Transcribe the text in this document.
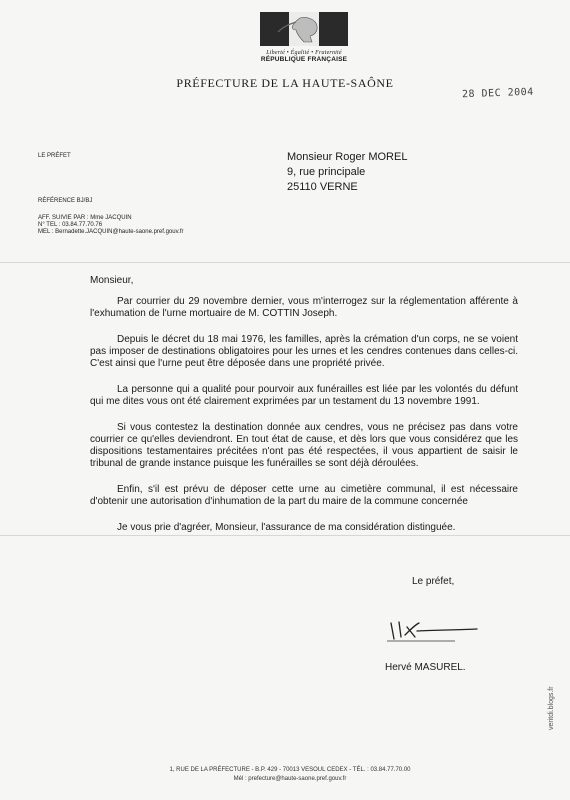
Liberté • Égalité • Fraternité
RÉPUBLIQUE FRANÇAISE
PRÉFECTURE DE LA HAUTE-SAÔNE
28 DEC 2004
LE PRÉFET
RÉFÉRENCE BJ/BJ
AFF. SUIVIE PAR : Mme JACQUIN
N° TEL : 03.84.77.70.76
MEL : Bernadette.JACQUIN@haute-saone.pref.gouv.fr
Monsieur Roger MOREL
9, rue principale
25110 VERNE

Monsieur,

Par courrier du 29 novembre dernier, vous m'interrogez sur la réglementation afférente à l'exhumation de l'urne mortuaire de M. COTTIN Joseph.

Depuis le décret du 18 mai 1976, les familles, après la crémation d'un corps, ne se voient pas imposer de destinations obligatoires pour les urnes et les cendres contenues dans celles-ci. C'est ainsi que l'urne peut être déposée dans une propriété privée.

La personne qui a qualité pour pourvoir aux funérailles est liée par les volontés du défunt qui me dites vous ont été clairement exprimées par un testament du 13 novembre 1991.

Si vous contestez la destination donnée aux cendres, vous ne précisez pas dans votre courrier ce qu'elles deviendront. En tout état de cause, et dès lors que vous considérez que les dispositions testamentaires précitées n'ont pas été respectées, il vous appartient de saisir le tribunal de grande instance puisque les funérailles se sont déjà déroulées.

Enfin, s'il est prévu de déposer cette urne au cimetière communal, il est nécessaire d'obtenir une autorisation d'inhumation de la part du maire de la commune concernée

Je vous prie d'agréer, Monsieur, l'assurance de ma considération distinguée.

Le préfet,
Hervé MASUREL.
1, RUE DE LA PRÉFECTURE - B.P. 429 - 70013 VESOUL CEDEX - TÉL. : 03.84.77.70.00
Mél : prefecture@haute-saone.pref.gouv.fr
veritdi.blogs.fr
